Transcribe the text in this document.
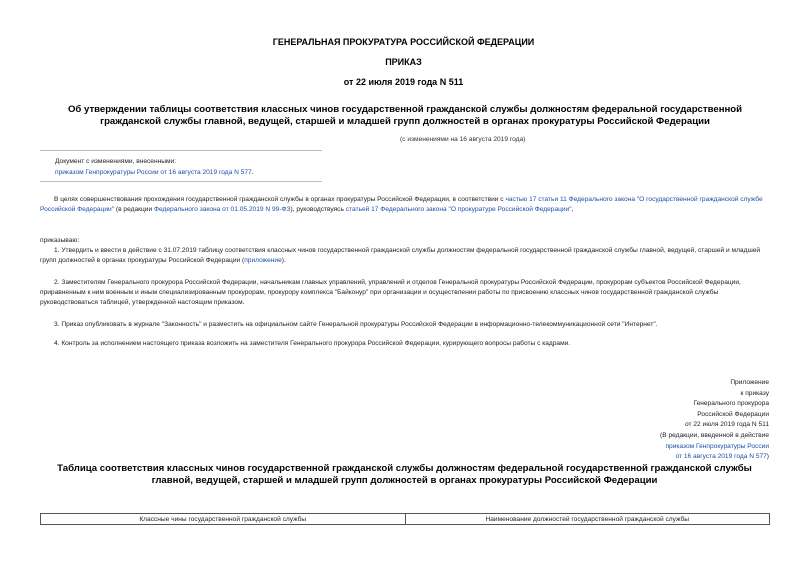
ГЕНЕРАЛЬНАЯ ПРОКУРАТУРА РОССИЙСКОЙ ФЕДЕРАЦИИ
ПРИКАЗ
от 22 июля 2019 года N 511
Об утверждении таблицы соответствия классных чинов государственной гражданской службы должностям федеральной государственной гражданской службы главной, ведущей, старшей и младшей групп должностей в органах прокуратуры Российской Федерации
(с изменениями на 16 августа 2019 года)
Документ с изменениями, внесенными:
приказом Генпрокуратуры России от 16 августа 2019 года N 577.
В целях совершенствования прохождения государственной гражданской службы в органах прокуратуры Российской Федерации, в соответствии с частью 17 статьи 11 Федерального закона "О государственной гражданской службе Российской Федерации" (в редакции Федерального закона от 01.05.2019 N 99-ФЗ), руководствуясь статьей 17 Федерального закона "О прокуратуре Российской Федерации",
приказываю:
1. Утвердить и ввести в действие с 31.07.2019 таблицу соответствия классных чинов государственной гражданской службы должностям федеральной государственной гражданской службы главной, ведущей, старшей и младшей групп должностей в органах прокуратуры Российской Федерации (приложение).
2. Заместителям Генерального прокурора Российской Федерации, начальникам главных управлений, управлений и отделов Генеральной прокуратуры Российской Федерации, прокурорам субъектов Российской Федерации, приравненным к ним военным и иным специализированным прокурорам, прокурору комплекса "Байконур" при организации и осуществлении работы по присвоению классных чинов государственной гражданской службы руководствоваться таблицей, утвержденной настоящим приказом.
3. Приказ опубликовать в журнале "Законность" и разместить на официальном сайте Генеральной прокуратуры Российской Федерации в информационно-телекоммуникационной сети "Интернет".
4. Контроль за исполнением настоящего приказа возложить на заместителя Генерального прокурора Российской Федерации, курирующего вопросы работы с кадрами.
Приложение
к приказу
Генерального прокурора
Российской Федерации
от 22 июля 2019 года N 511
(В редакции, введенной в действие
приказом Генпрокуратуры России
от 16 августа 2019 года N 577)
Таблица соответствия классных чинов государственной гражданской службы должностям федеральной государственной гражданской службы главной, ведущей, старшей и младшей групп должностей в органах прокуратуры Российской Федерации
Классные чины государственной гражданской службы	Наименование должностей государственной гражданской службы
